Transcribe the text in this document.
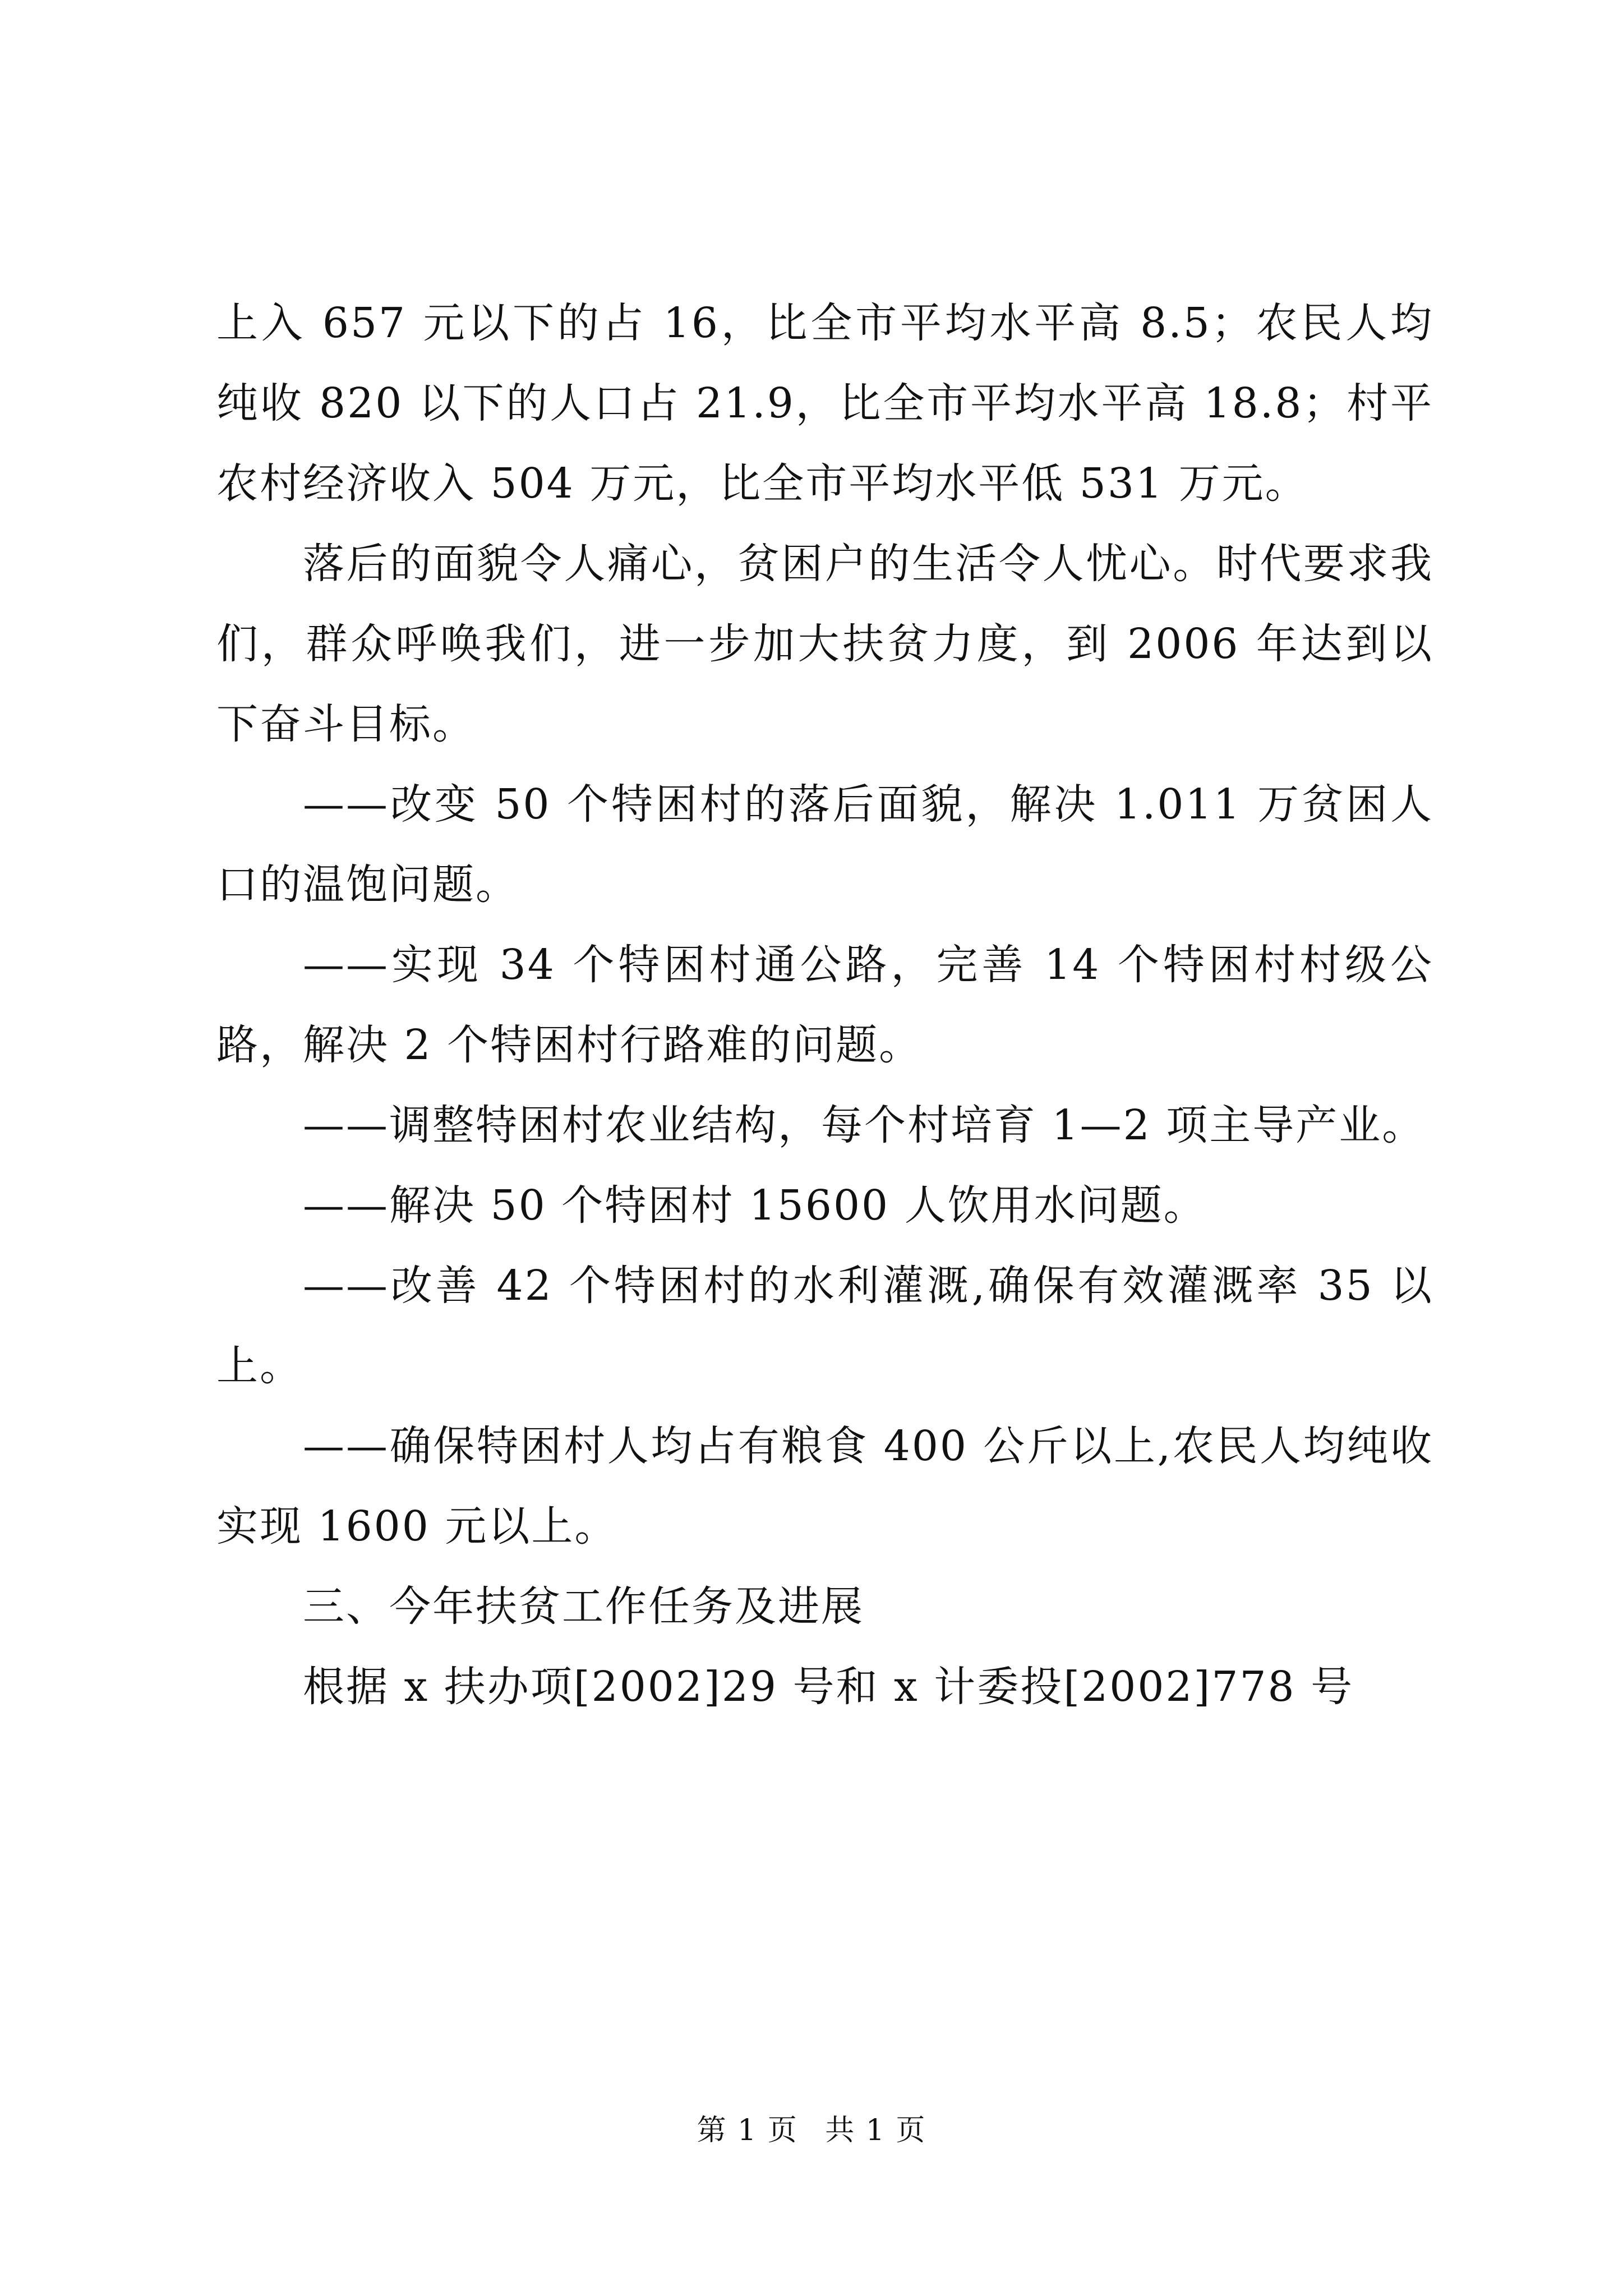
上入 657 元以下的占 16，比全市平均水平高 8.5；农民人均纯收 820 以下的人口占 21.9，比全市平均水平高 18.8；村平农村经济收入 504 万元，比全市平均水平低 531 万元。

落后的面貌令人痛心，贫困户的生活令人忧心。时代要求我们，群众呼唤我们，进一步加大扶贫力度，到 2006 年达到以下奋斗目标。

——改变 50 个特困村的落后面貌，解决 1.011 万贫困人口的温饱问题。

——实现 34 个特困村通公路，完善 14 个特困村村级公路，解决 2 个特困村行路难的问题。

——调整特困村农业结构，每个村培育 1—2 项主导产业。

——解决 50 个特困村 15600 人饮用水问题。

——改善 42 个特困村的水利灌溉,确保有效灌溉率 35 以上。

——确保特困村人均占有粮食 400 公斤以上,农民人均纯收实现 1600 元以上。

三、今年扶贫工作任务及进展

根据 x 扶办项[2002]29 号和 x 计委投[2002]778 号

第 1 页 共 1 页
